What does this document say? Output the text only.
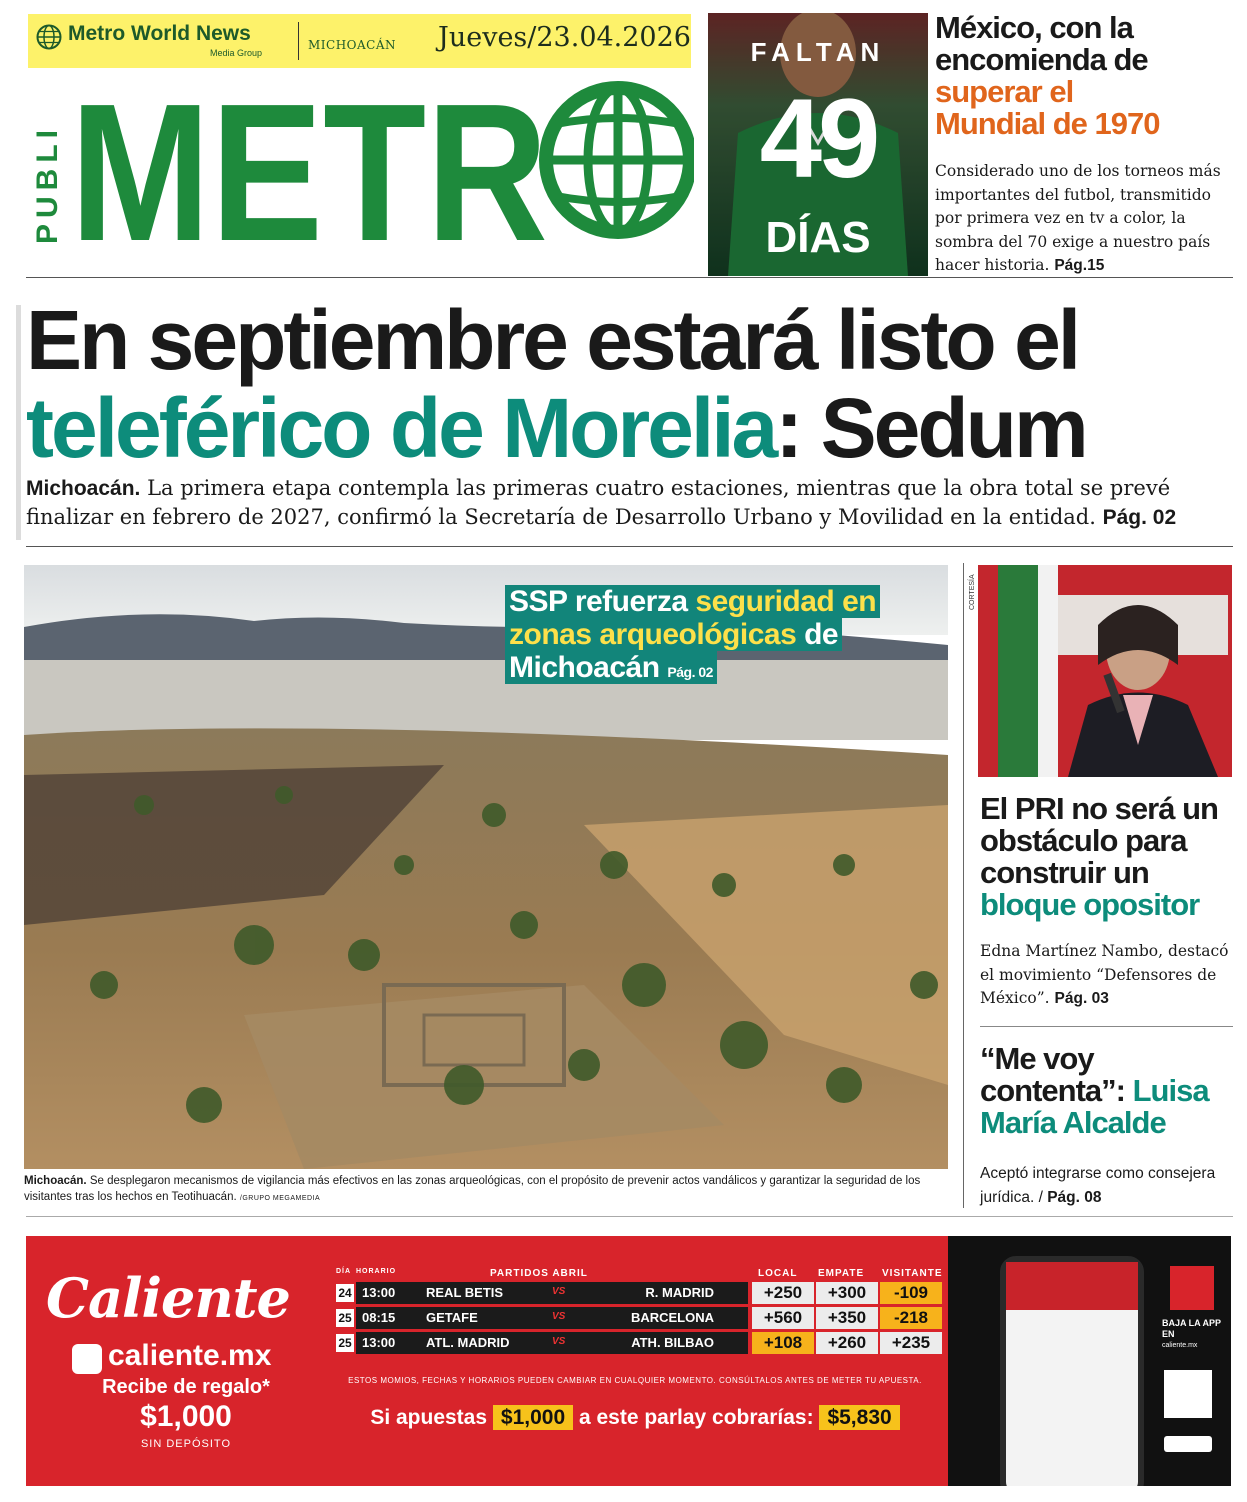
Metro World News
Media Group
MICHOACÁN Jueves/23.04.2026
PUBLI METR
FALTAN
49
DÍAS
México, con la
encomienda de
superar el
Mundial de 1970
Considerado uno de los torneos más importantes del futbol, transmitido por primera vez en tv a color, la sombra del 70 exige a nuestro país hacer historia. Pág.15
En septiembre estará listo el
teleférico de Morelia: Sedum
Michoacán. La primera etapa contempla las primeras cuatro estaciones, mientras que la obra total se prevé finalizar en febrero de 2027, confirmó la Secretaría de Desarrollo Urbano y Movilidad en la entidad. Pág. 02
SSP refuerza seguridad en
zonas arqueológicas de
Michoacán Pág. 02
Michoacán. Se desplegaron mecanismos de vigilancia más efectivos en las zonas arqueológicas, con el propósito de prevenir actos vandálicos y garantizar la seguridad de los visitantes tras los hechos en Teotihuacán. /GRUPO MEGAMEDIA
CORTESÍA
El PRI no será un
obstáculo para
construir un
bloque opositor
Edna Martínez Nambo, destacó el movimiento “Defensores de México”. Pág. 03
“Me voy
contenta”: Luisa
María Alcalde
Aceptó integrarse como consejera jurídica. / Pág. 08
Caliente
caliente.mx
Recibe de regalo*
$1,000
SIN DEPÓSITO
DÍA HORARIO	PARTIDOS ABRIL	LOCAL EMPATE VISITANTE
24 13:00 REAL BETIS	VS	R. MADRID	+250	+300	-109
25 08:15 GETAFE	VS	BARCELONA	+560	+350	-218
25 13:00 ATL. MADRID	VS	ATH. BILBAO	+108	+260	+235
ESTOS MOMIOS, FECHAS Y HORARIOS PUEDEN CAMBIAR EN CUALQUIER MOMENTO. CONSÚLTALOS ANTES DE METER TU APUESTA.
Si apuestas $1,000 a este parlay cobrarías: $5,830
BAJA LA APP EN
caliente.mx
